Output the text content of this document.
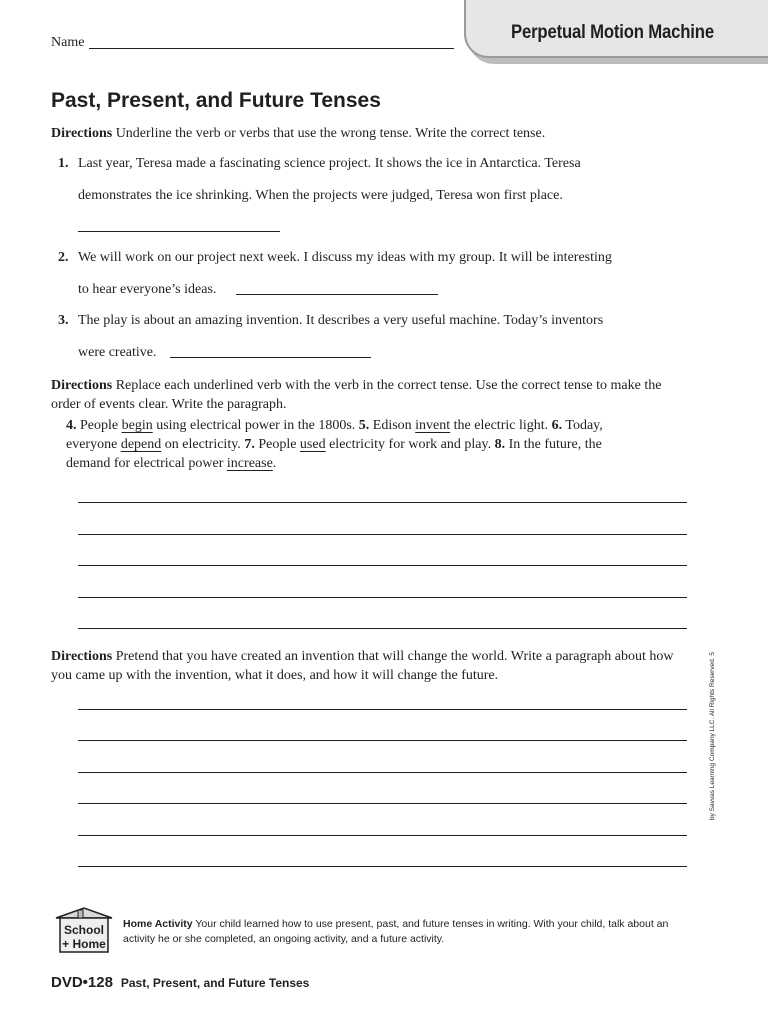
Perpetual Motion Machine
Name
Past, Present, and Future Tenses
Directions Underline the verb or verbs that use the wrong tense. Write the correct tense.
1. Last year, Teresa made a fascinating science project. It shows the ice in Antarctica. Teresa
demonstrates the ice shrinking. When the projects were judged, Teresa won first place.
2. We will work on our project next week. I discuss my ideas with my group. It will be interesting
to hear everyone’s ideas.
3. The play is about an amazing invention. It describes a very useful machine. Today’s inventors
were creative.
Directions Replace each underlined verb with the verb in the correct tense. Use the correct tense to make the order of events clear. Write the paragraph.
4. People begin using electrical power in the 1800s. 5. Edison invent the electric light. 6. Today,
everyone depend on electricity. 7. People used electricity for work and play. 8. In the future, the
demand for electrical power increase.
Directions Pretend that you have created an invention that will change the world. Write a paragraph about how you came up with the invention, what it does, and how it will change the future.	by Savvas Learning Company LLC. All Rights Reserved. 5
School
+ Home
Home Activity Your child learned how to use present, past, and future tenses in writing. With your child, talk about an activity he or she completed, an ongoing activity, and a future activity.
DVD•128 Past, Present, and Future Tenses
